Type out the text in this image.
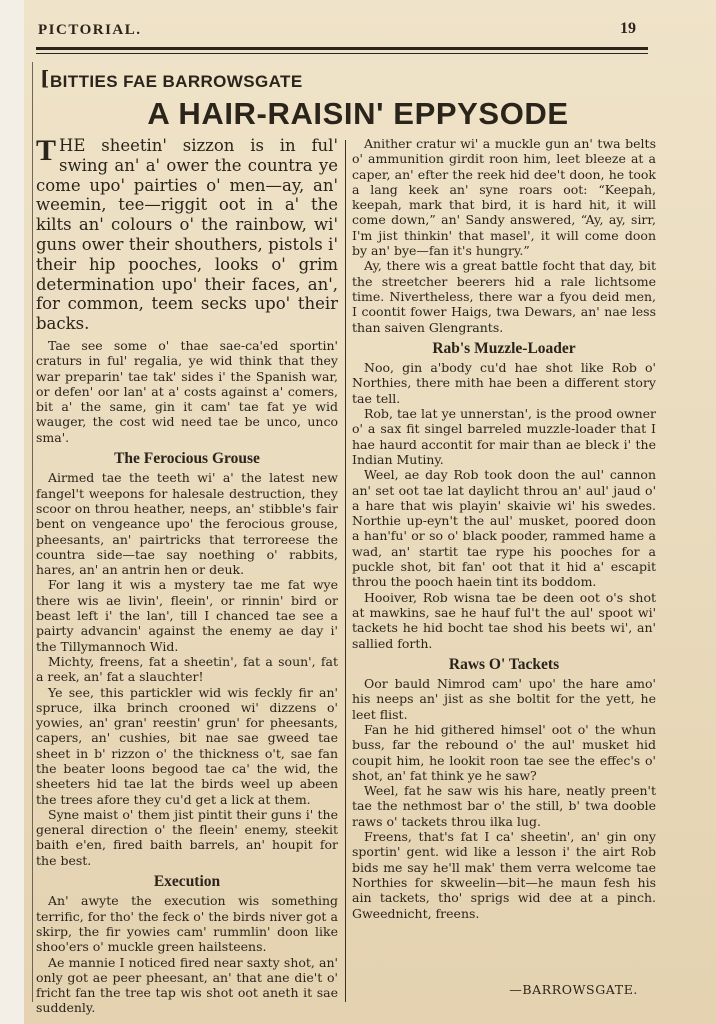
PICTORIAL.	19
[ BITTIES FAE BARROWSGATE
A HAIR-RAISIN' EPPYSODE

THE sheetin' sizzon is in ful' swing an' a' ower the countra ye come upo' pairties o' men—ay, an' weemin, tee—riggit oot in a' the kilts an' colours o' the rainbow, wi' guns ower their shouthers, pistols i' their hip pooches, looks o' grim determination upo' their faces, an', for common, teem secks upo' their backs.

Tae see some o' thae sae-ca'ed sportin' craturs in ful' regalia, ye wid think that they war preparin' tae tak' sides i' the Spanish war, or defen' oor lan' at a' costs against a' comers, bit a' the same, gin it cam' tae fat ye wid wauger, the cost wid need tae be unco, unco sma'.

The Ferocious Grouse

Airmed tae the teeth wi' a' the latest new fangel't weepons for halesale destruction, they scoor on throu heather, neeps, an' stibble's fair bent on vengeance upo' the ferocious grouse, pheesants, an' pairtricks that terroreese the countra side—tae say noething o' rabbits, hares, an' an antrin hen or deuk.

For lang it wis a mystery tae me fat wye there wis ae livin', fleein', or rinnin' bird or beast left i' the lan', till I chanced tae see a pairty advancin' against the enemy ae day i' the Tillymannoch Wid.

Michty, freens, fat a sheetin', fat a soun', fat a reek, an' fat a slauchter!

Ye see, this partickler wid wis feckly fir an' spruce, ilka brinch crooned wi' dizzens o' yowies, an' gran' reestin' grun' for pheesants, capers, an' cushies, bit nae sae gweed tae sheet in b' rizzon o' the thickness o't, sae fan the beater loons begood tae ca' the wid, the sheeters hid tae lat the birds weel up abeen the trees afore they cu'd get a lick at them.

Syne maist o' them jist pintit their guns i' the general direction o' the fleein' enemy, steekit baith e'en, fired baith barrels, an' houpit for the best.

Execution

An' awyte the execution wis something terrific, for tho' the feck o' the birds niver got a skirp, the fir yowies cam' rummlin' doon like shoo'ers o' muckle green hailsteens.

Ae mannie I noticed fired near saxty shot, an' only got ae peer pheesant, an' that ane die't o' fricht fan the tree tap wis shot oot aneth it sae suddenly.

Anither cratur wi' a muckle gun an' twa belts o' ammunition girdit roon him, leet bleeze at a caper, an' efter the reek hid dee't doon, he took a lang keek an' syne roars oot: “Keepah, keepah, mark that bird, it is hard hit, it will come down,” an' Sandy answered, “Ay, ay, sirr, I'm jist thinkin' that masel', it will come doon by an' bye—fan it's hungry.”

Ay, there wis a great battle focht that day, bit the streetcher beerers hid a rale lichtsome time. Nivertheless, there war a fyou deid men, I coontit fower Haigs, twa Dewars, an' nae less than saiven Glengrants.

Rab's Muzzle-Loader

Noo, gin a'body cu'd hae shot like Rob o' Northies, there mith hae been a different story tae tell.

Rob, tae lat ye unnerstan', is the prood owner o' a sax fit singel barreled muzzle-loader that I hae haurd accontit for mair than ae bleck i' the Indian Mutiny.

Weel, ae day Rob took doon the aul' cannon an' set oot tae lat daylicht throu an' aul' jaud o' a hare that wis playin' skaivie wi' his swedes. Northie up-eyn't the aul' musket, poored doon a han'fu' or so o' black pooder, rammed hame a wad, an' startit tae rype his pooches for a puckle shot, bit fan' oot that it hid a' escapit throu the pooch haein tint its boddom.

Hooiver, Rob wisna tae be deen oot o's shot at mawkins, sae he hauf ful't the aul' spoot wi' tackets he hid bocht tae shod his beets wi', an' sallied forth.

Raws O' Tackets

Oor bauld Nimrod cam' upo' the hare amo' his neeps an' jist as she boltit for the yett, he leet flist.

Fan he hid githered himsel' oot o' the whun buss, far the rebound o' the aul' musket hid coupit him, he lookit roon tae see the effec's o' shot, an' fat think ye he saw?

Weel, fat he saw wis his hare, neatly preen't tae the nethmost bar o' the still, b' twa dooble raws o' tackets throu ilka lug.

Freens, that's fat I ca' sheetin', an' gin ony sportin' gent. wid like a lesson i' the airt Rob bids me say he'll mak' them verra welcome tae Northies for skweelin—bit—he maun fesh his ain tackets, tho' sprigs wid dee at a pinch. Gweednicht, freens.

—BARROWSGATE.
